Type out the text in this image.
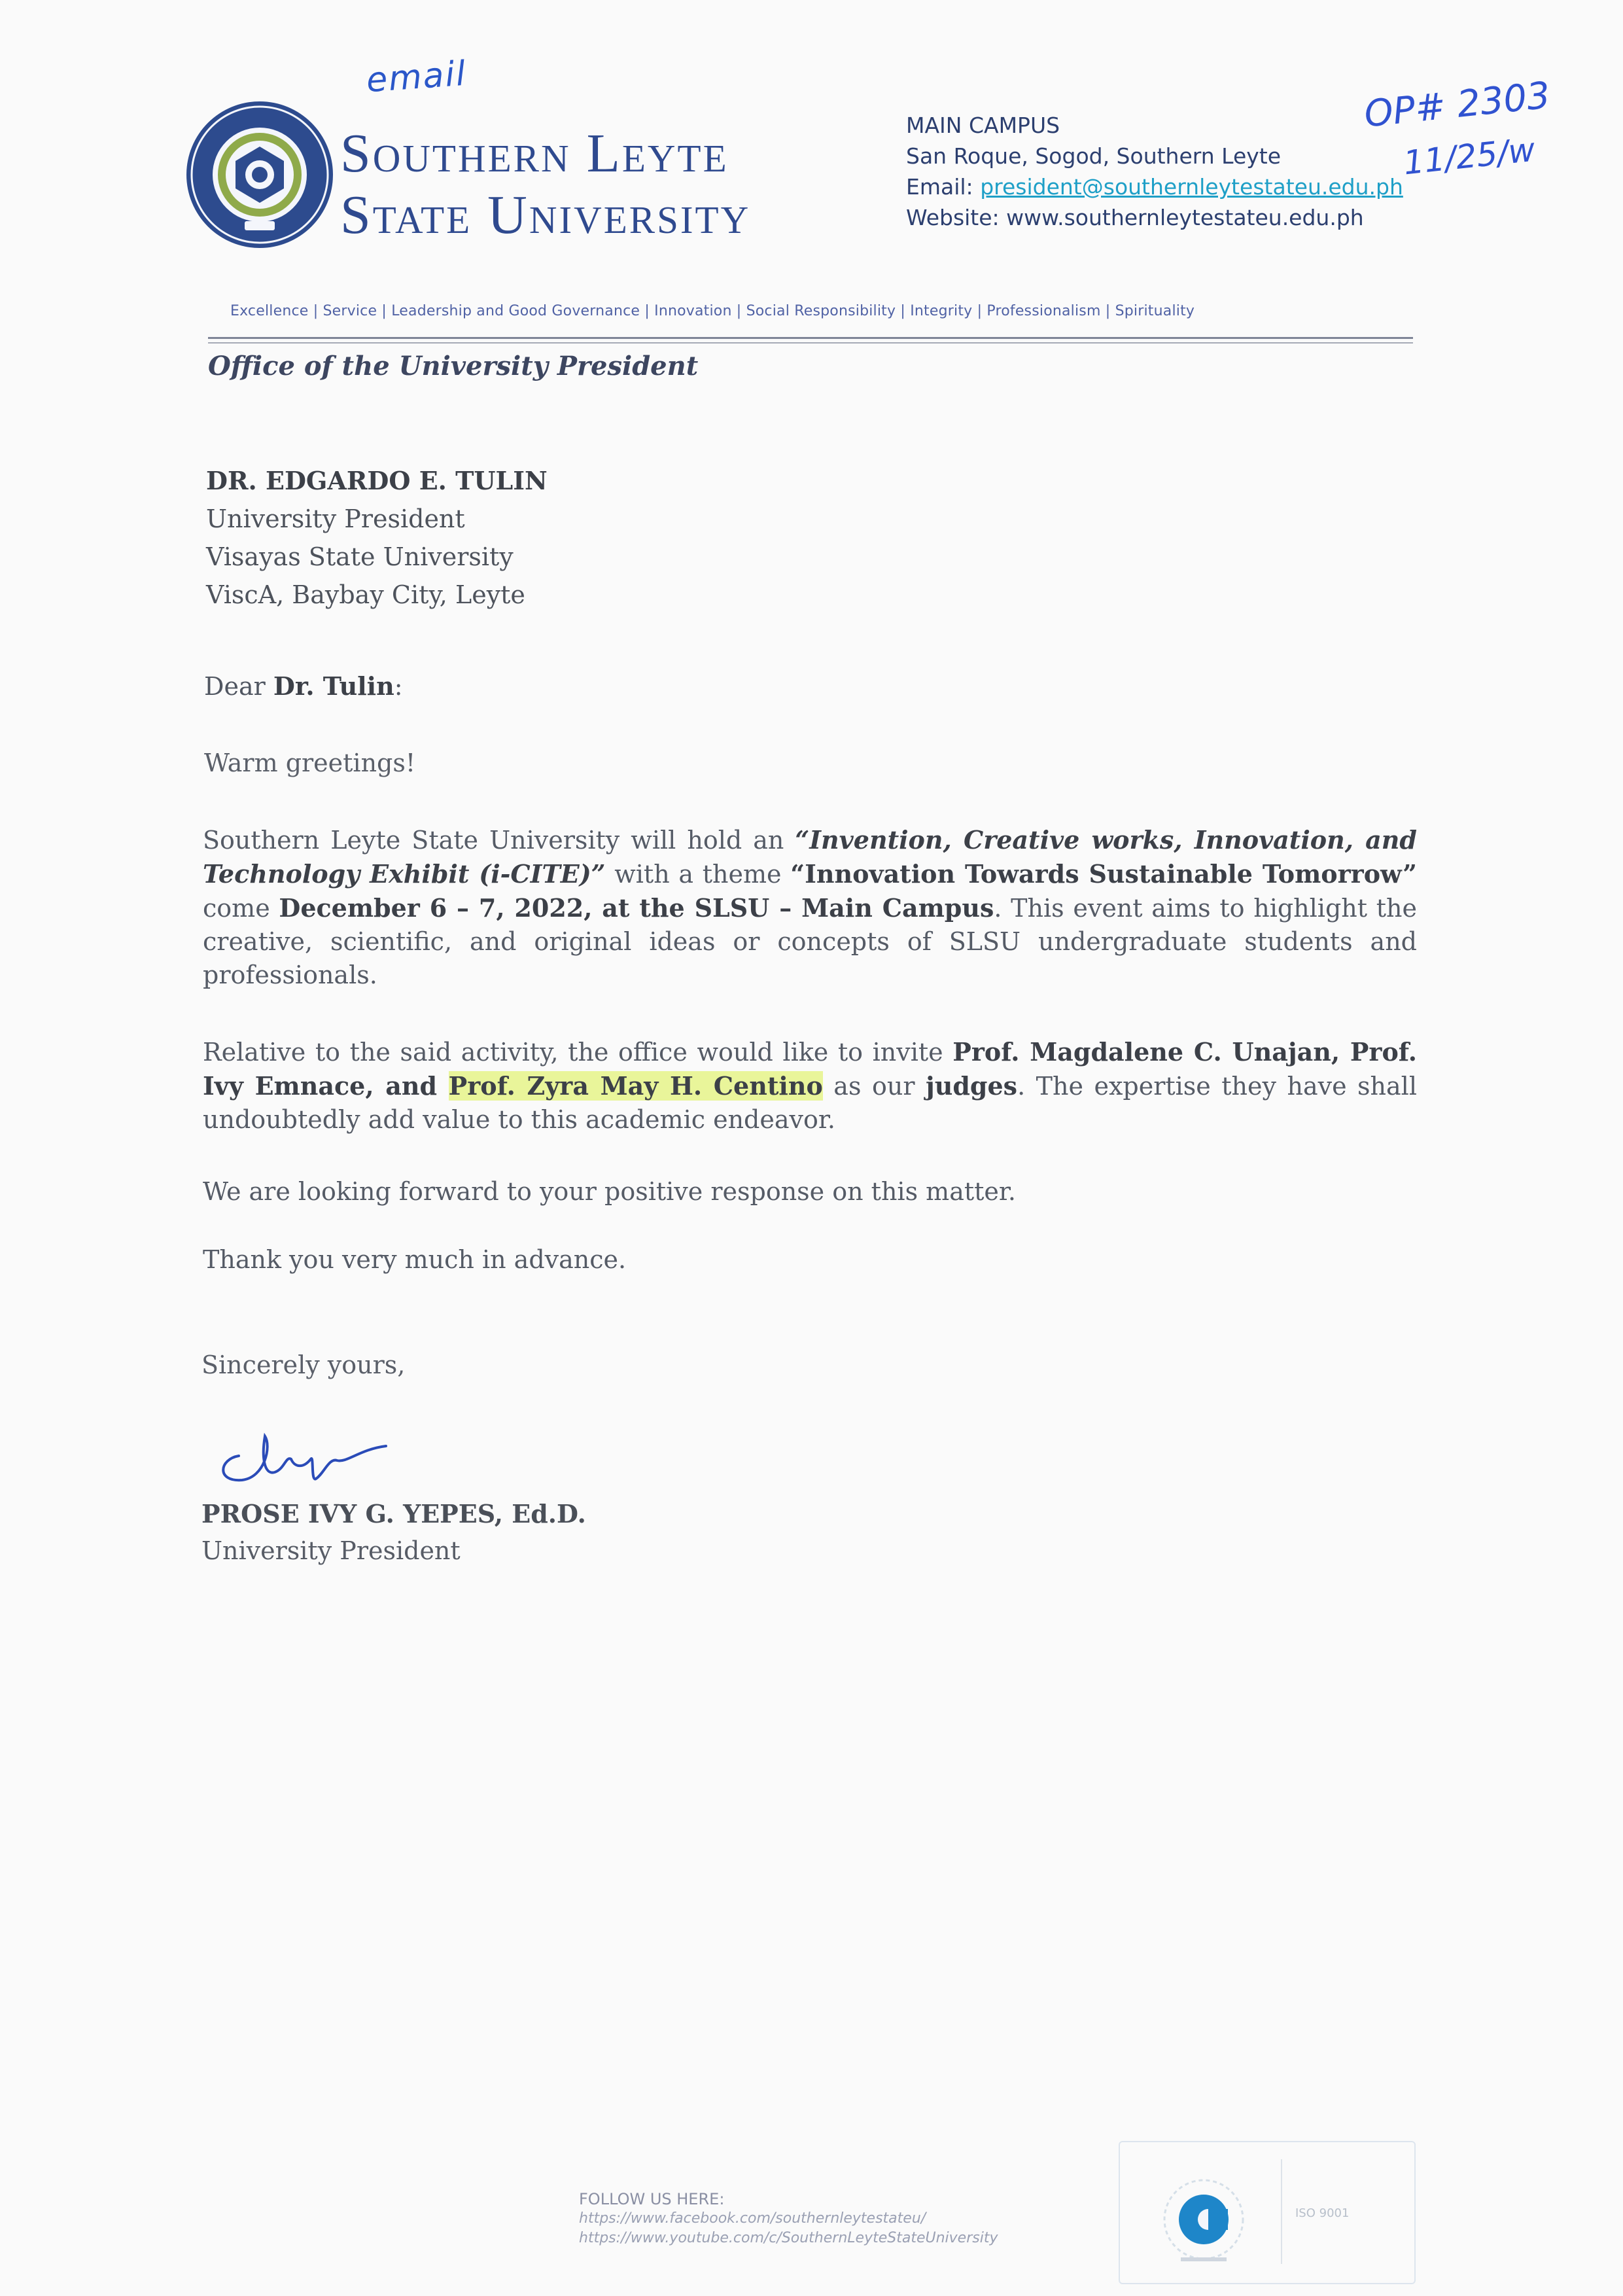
email	OP# 2303
11/25/w
Southern Leyte
State University
MAIN CAMPUS
San Roque, Sogod, Southern Leyte
Email: president@southernleytestateu.edu.ph
Website: www.southernleytestateu.edu.ph
Excellence | Service | Leadership and Good Governance | Innovation | Social Responsibility | Integrity | Professionalism | Spirituality
Office of the University President
DR. EDGARDO E. TULIN
University President
Visayas State University
ViscA, Baybay City, Leyte
Dear Dr. Tulin:
Warm greetings!
Southern Leyte State University will hold an “Invention, Creative works, Innovation, and Technology Exhibit (i-CITE)” with a theme “Innovation Towards Sustainable Tomorrow” come December 6 – 7, 2022, at the SLSU – Main Campus. This event aims to highlight the creative, scientific, and original ideas or concepts of SLSU undergraduate students and professionals.
Relative to the said activity, the office would like to invite Prof. Magdalene C. Unajan, Prof. Ivy Emnace, and Prof. Zyra May H. Centino as our judges. The expertise they have shall undoubtedly add value to this academic endeavor.
We are looking forward to your positive response on this matter.
Thank you very much in advance.
Sincerely yours,
PROSE IVY G. YEPES, Ed.D.
University President
FOLLOW US HERE:
https://www.facebook.com/southernleytestateu/
https://www.youtube.com/c/SouthernLeyteStateUniversity
ISO 9001
